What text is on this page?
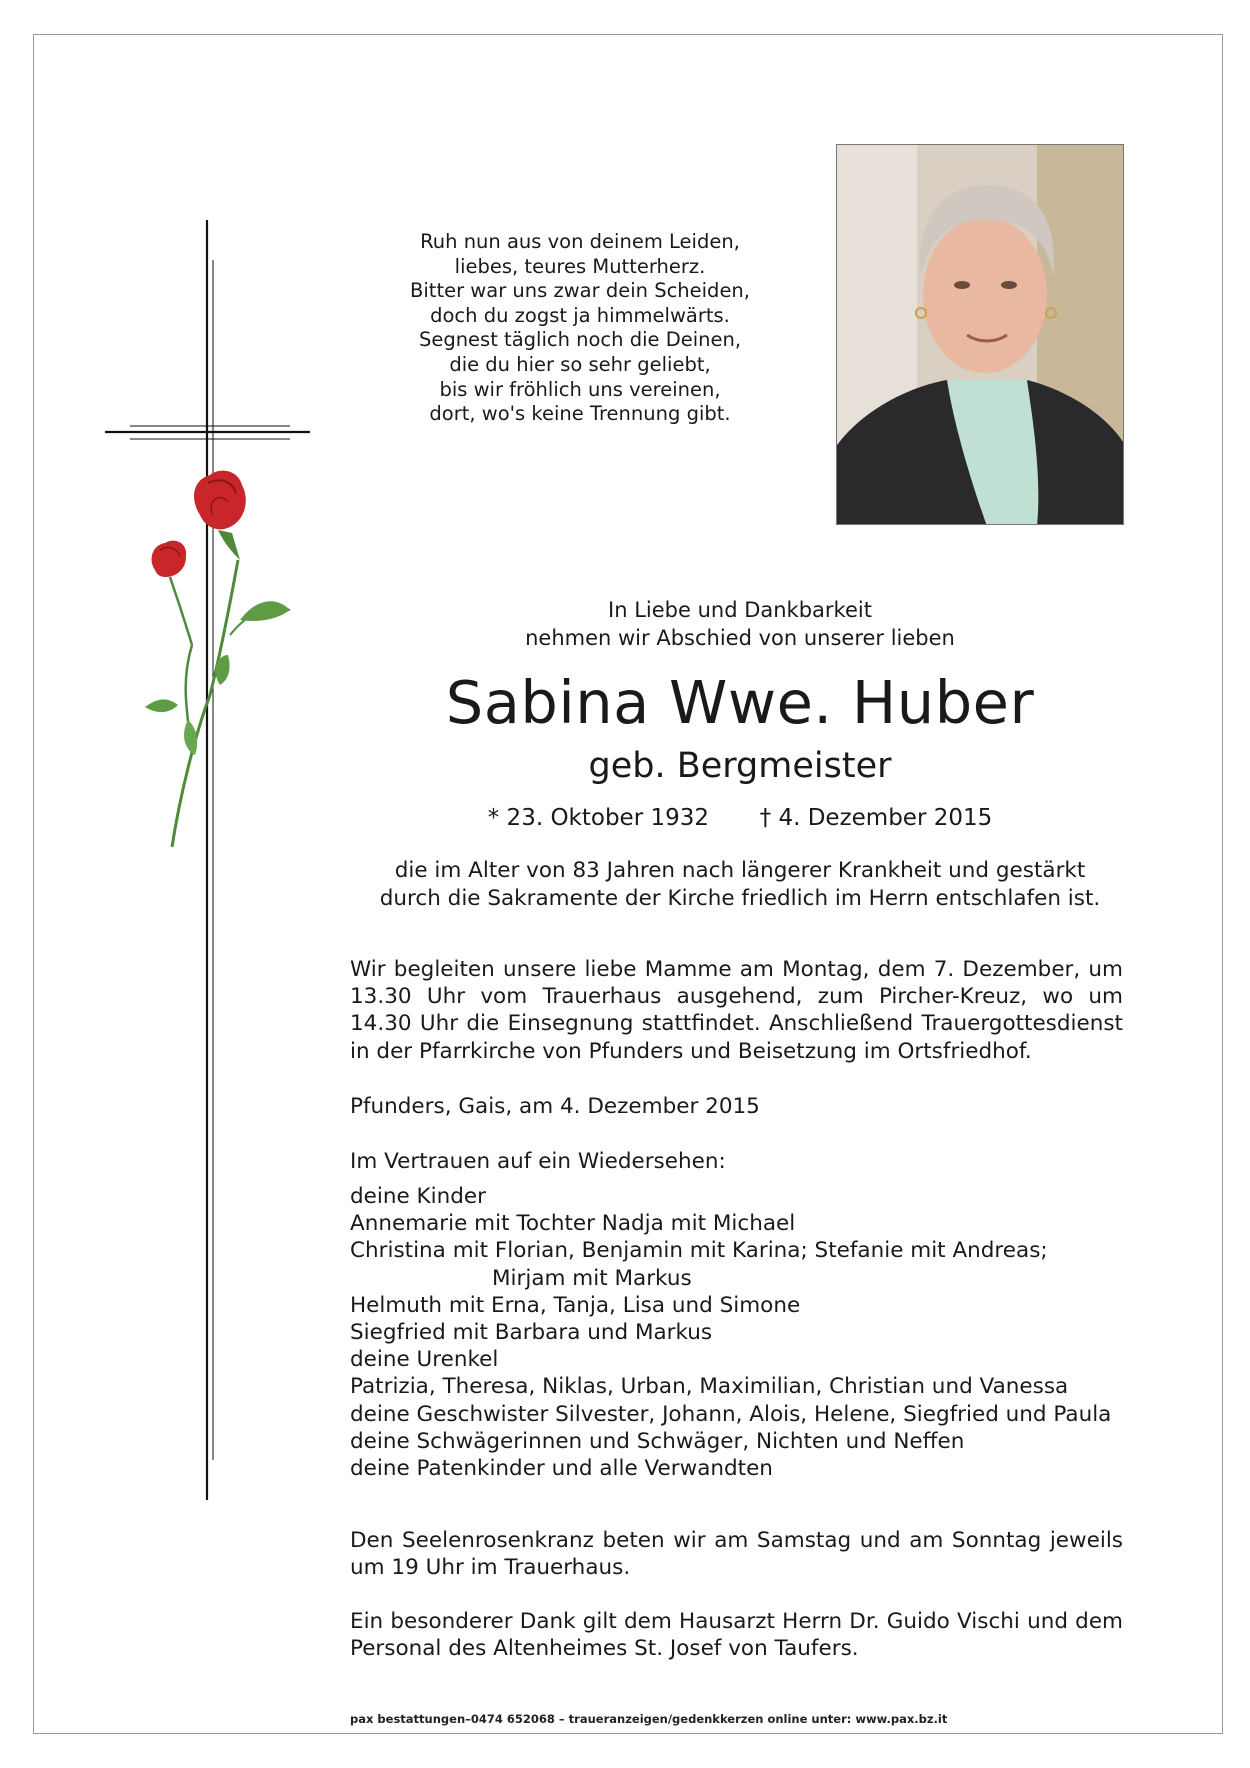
Ruh nun aus von deinem Leiden,
liebes, teures Mutterherz.
Bitter war uns zwar dein Scheiden,
doch du zogst ja himmelwärts.
Segnest täglich noch die Deinen,
die du hier so sehr geliebt,
bis wir fröhlich uns vereinen,
dort, wo's keine Trennung gibt.
In Liebe und Dankbarkeit
nehmen wir Abschied von unserer lieben
Sabina Wwe. Huber
geb. Bergmeister
* 23. Oktober 1932 † 4. Dezember 2015
die im Alter von 83 Jahren nach längerer Krankheit und gestärkt
durch die Sakramente der Kirche friedlich im Herrn entschlafen ist.
Wir begleiten unsere liebe Mamme am Montag, dem 7. Dezember, um 13.30 Uhr vom Trauerhaus ausgehend, zum Pircher-Kreuz, wo um 14.30 Uhr die Einsegnung stattfindet. Anschließend Trauergottesdienst in der Pfarrkirche von Pfunders und Beisetzung im Ortsfriedhof.
Pfunders, Gais, am 4. Dezember 2015
Im Vertrauen auf ein Wiedersehen:
deine Kinder
Annemarie mit Tochter Nadja mit Michael
Christina mit Florian, Benjamin mit Karina; Stefanie mit Andreas;
Mirjam mit Markus
Helmuth mit Erna, Tanja, Lisa und Simone
Siegfried mit Barbara und Markus
deine Urenkel
Patrizia, Theresa, Niklas, Urban, Maximilian, Christian und Vanessa
deine Geschwister Silvester, Johann, Alois, Helene, Siegfried und Paula
deine Schwägerinnen und Schwäger, Nichten und Neffen
deine Patenkinder und alle Verwandten
Den Seelenrosenkranz beten wir am Samstag und am Sonntag jeweils um 19 Uhr im Trauerhaus.
Ein besonderer Dank gilt dem Hausarzt Herrn Dr. Guido Vischi und dem Personal des Altenheimes St. Josef von Taufers.
pax bestattungen–0474 652068 – traueranzeigen/gedenkkerzen online unter: www.pax.bz.it
